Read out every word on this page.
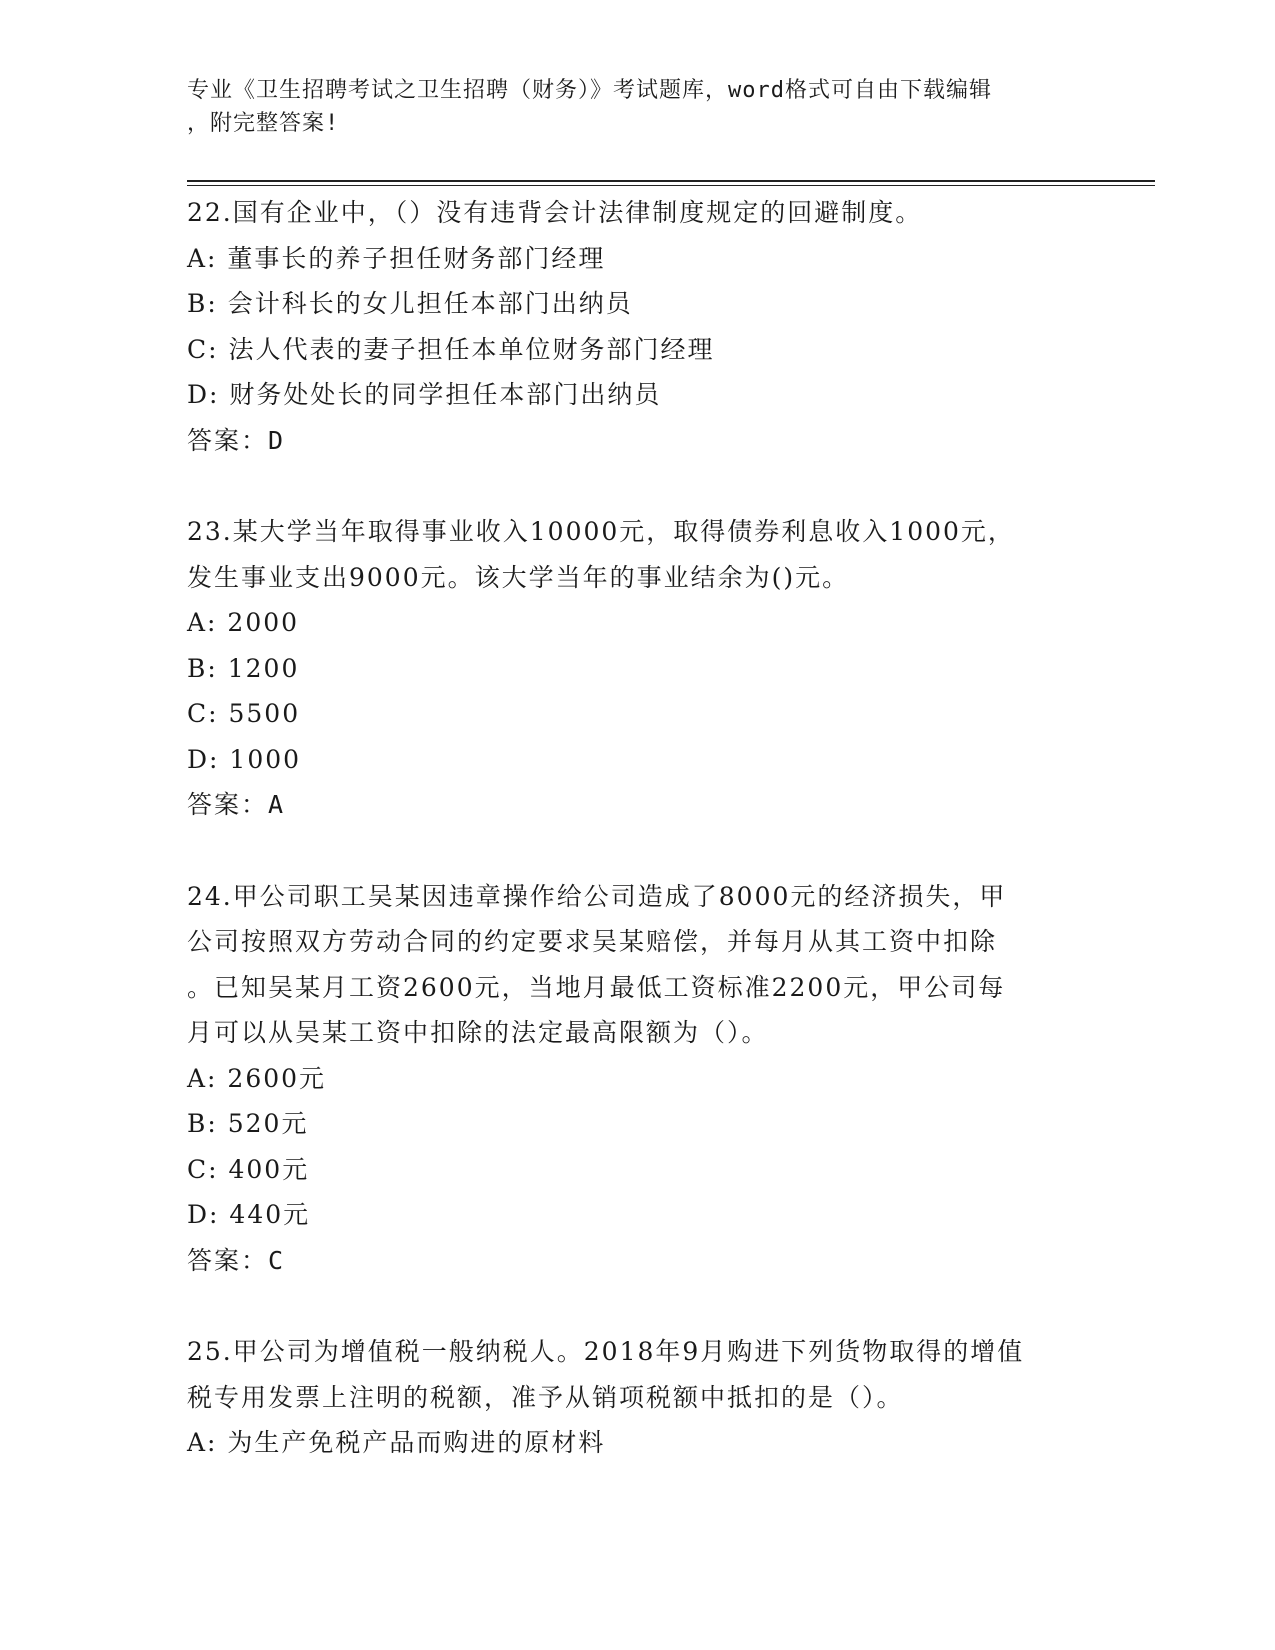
专业《卫生招聘考试之卫生招聘（财务）》考试题库，word格式可自由下载编辑
，附完整答案!
22.国有企业中，（）没有违背会计法律制度规定的回避制度。
A: 董事长的养子担任财务部门经理
B: 会计科长的女儿担任本部门出纳员
C: 法人代表的妻子担任本单位财务部门经理
D: 财务处处长的同学担任本部门出纳员
答案：D
23.某大学当年取得事业收入10000元，取得债券利息收入1000元，
发生事业支出9000元。该大学当年的事业结余为()元。
A: 2000
B: 1200
C: 5500
D: 1000
答案：A
24.甲公司职工吴某因违章操作给公司造成了8000元的经济损失，甲
公司按照双方劳动合同的约定要求吴某赔偿，并每月从其工资中扣除
。已知吴某月工资2600元，当地月最低工资标准2200元，甲公司每
月可以从吴某工资中扣除的法定最高限额为（）。
A: 2600元
B: 520元
C: 400元
D: 440元
答案：C
25.甲公司为增值税一般纳税人。2018年9月购进下列货物取得的增值
税专用发票上注明的税额，准予从销项税额中抵扣的是（）。
A: 为生产免税产品而购进的原材料
